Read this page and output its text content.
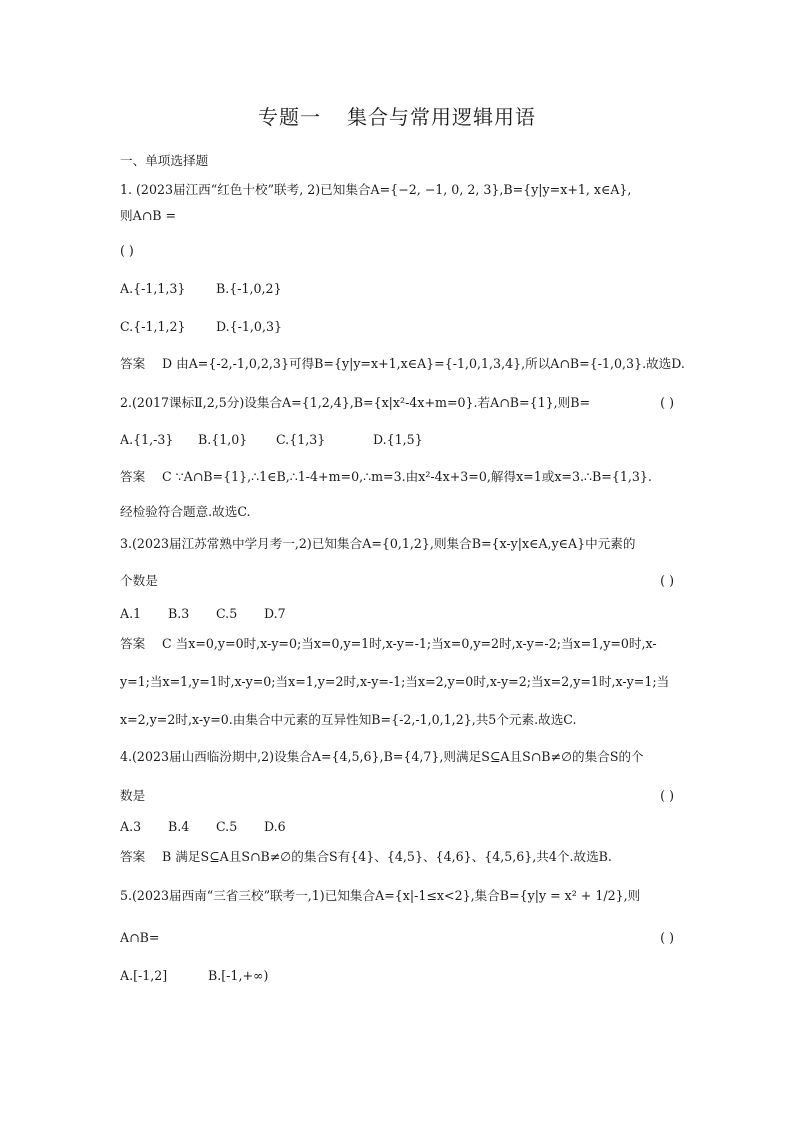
专题一 集合与常用逻辑用语
一、单项选择题
1. (2023届江西“红色十校”联考, 2)已知集合A={−2, −1, 0, 2, 3},B={y|y=x+1, x∈A},
则A∩B =
( )
A.{-1,1,3} B.{-1,0,2}
C.{-1,1,2} D.{-1,0,3}
答案 D 由A={-2,-1,0,2,3}可得B={y|y=x+1,x∈A}={-1,0,1,3,4},所以A∩B={-1,0,3}.故选D.
2.(2017课标Ⅱ,2,5分)设集合A={1,2,4},B={x|x²-4x+m=0}.若A∩B={1},则B=	( )
A.{1,-3} B.{1,0} C.{1,3}	D.{1,5}
答案 C ∵A∩B={1},∴1∈B,∴1-4+m=0,∴m=3.由x²-4x+3=0,解得x=1或x=3.∴B={1,3}.
经检验符合题意.故选C.
3.(2023届江苏常熟中学月考一,2)已知集合A={0,1,2},则集合B={x-y|x∈A,y∈A}中元素的
个数是	( )
A.1 B.3 C.5 D.7
答案 C 当x=0,y=0时,x-y=0;当x=0,y=1时,x-y=-1;当x=0,y=2时,x-y=-2;当x=1,y=0时,x-
y=1;当x=1,y=1时,x-y=0;当x=1,y=2时,x-y=-1;当x=2,y=0时,x-y=2;当x=2,y=1时,x-y=1;当
x=2,y=2时,x-y=0.由集合中元素的互异性知B={-2,-1,0,1,2},共5个元素.故选C.
4.(2023届山西临汾期中,2)设集合A={4,5,6},B={4,7},则满足S⊆A且S∩B≠∅的集合S的个
数是	( )
A.3 B.4 C.5 D.6
答案 B 满足S⊆A且S∩B≠∅的集合S有{4}、{4,5}、{4,6}、{4,5,6},共4个.故选B.
5.(2023届西南“三省三校”联考一,1)已知集合A={x|-1≤x<2},集合B={y|y = x² + 1/2},则
A∩B=	( )
A.[-1,2]	B.[-1,+∞)
